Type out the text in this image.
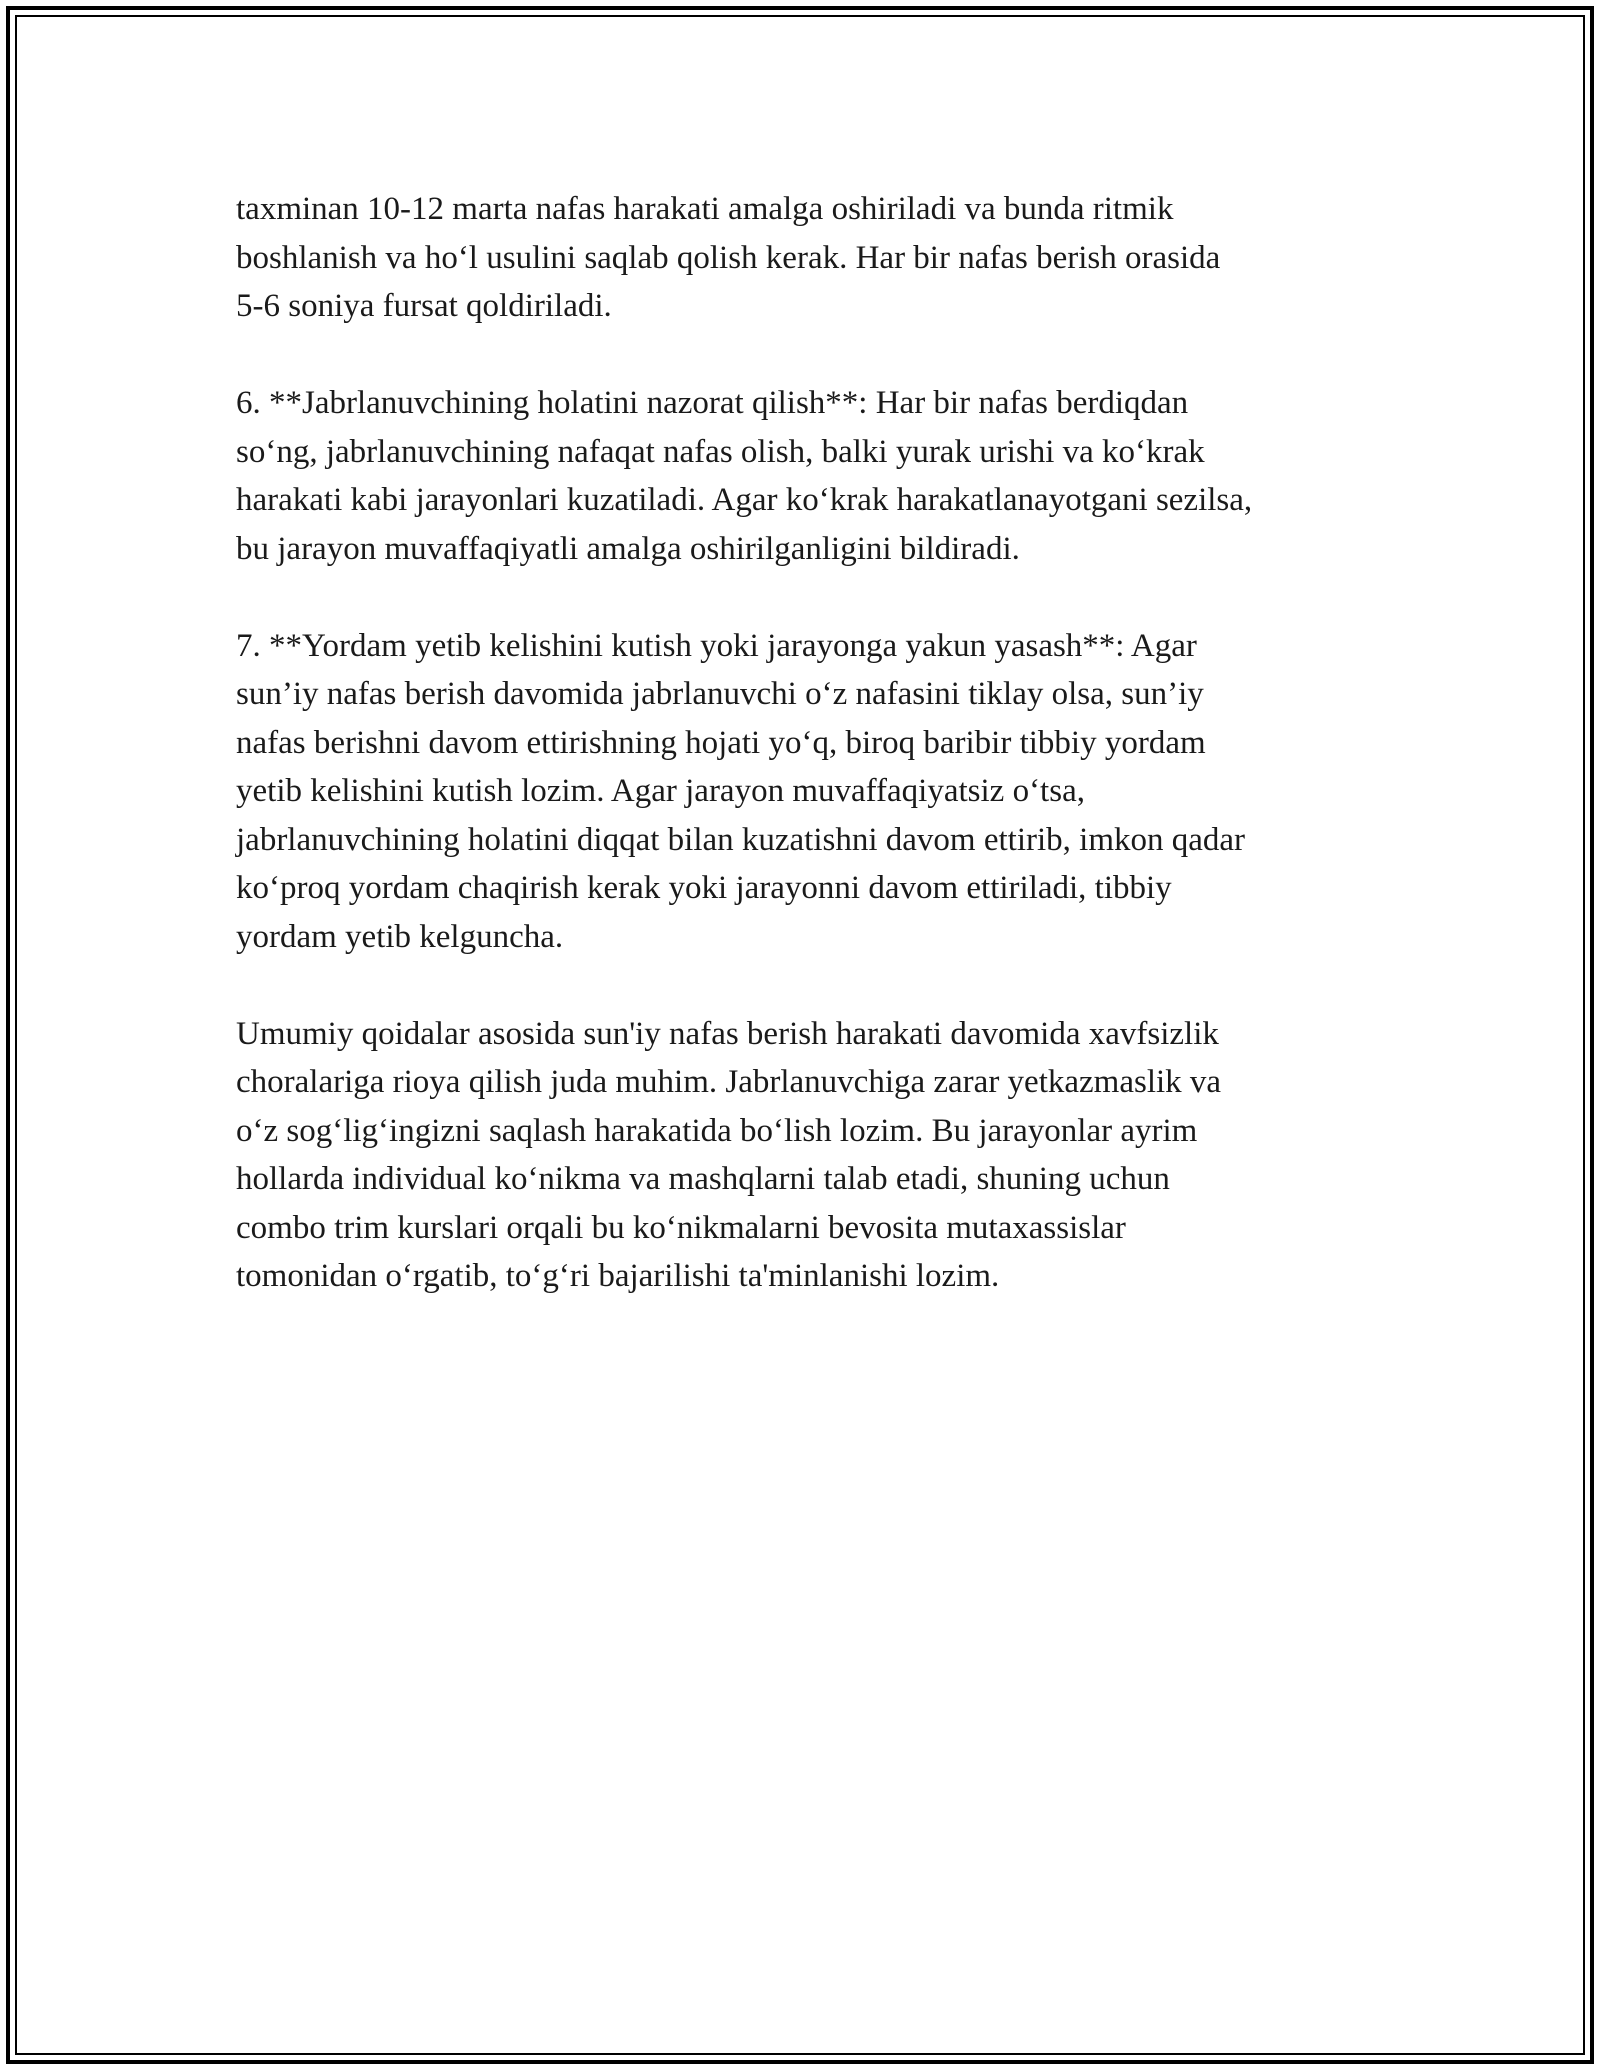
taxminan 10-12 marta nafas harakati amalga oshiriladi va bunda ritmik
boshlanish va ho‘l usulini saqlab qolish kerak. Har bir nafas berish orasida
5-6 soniya fursat qoldiriladi.

6. **Jabrlanuvchining holatini nazorat qilish**: Har bir nafas berdiqdan
so‘ng, jabrlanuvchining nafaqat nafas olish, balki yurak urishi va ko‘krak
harakati kabi jarayonlari kuzatiladi. Agar ko‘krak harakatlanayotgani sezilsa,
bu jarayon muvaffaqiyatli amalga oshirilganligini bildiradi.

7. **Yordam yetib kelishini kutish yoki jarayonga yakun yasash**: Agar
sun’iy nafas berish davomida jabrlanuvchi o‘z nafasini tiklay olsa, sun’iy
nafas berishni davom ettirishning hojati yo‘q, biroq baribir tibbiy yordam
yetib kelishini kutish lozim. Agar jarayon muvaffaqiyatsiz o‘tsa,
jabrlanuvchining holatini diqqat bilan kuzatishni davom ettirib, imkon qadar
ko‘proq yordam chaqirish kerak yoki jarayonni davom ettiriladi, tibbiy
yordam yetib kelguncha.

Umumiy qoidalar asosida sun'iy nafas berish harakati davomida xavfsizlik
choralariga rioya qilish juda muhim. Jabrlanuvchiga zarar yetkazmaslik va
o‘z sog‘lig‘ingizni saqlash harakatida bo‘lish lozim. Bu jarayonlar ayrim
hollarda individual ko‘nikma va mashqlarni talab etadi, shuning uchun
combo trim kurslari orqali bu ko‘nikmalarni bevosita mutaxassislar
tomonidan o‘rgatib, to‘g‘ri bajarilishi ta'minlanishi lozim.
